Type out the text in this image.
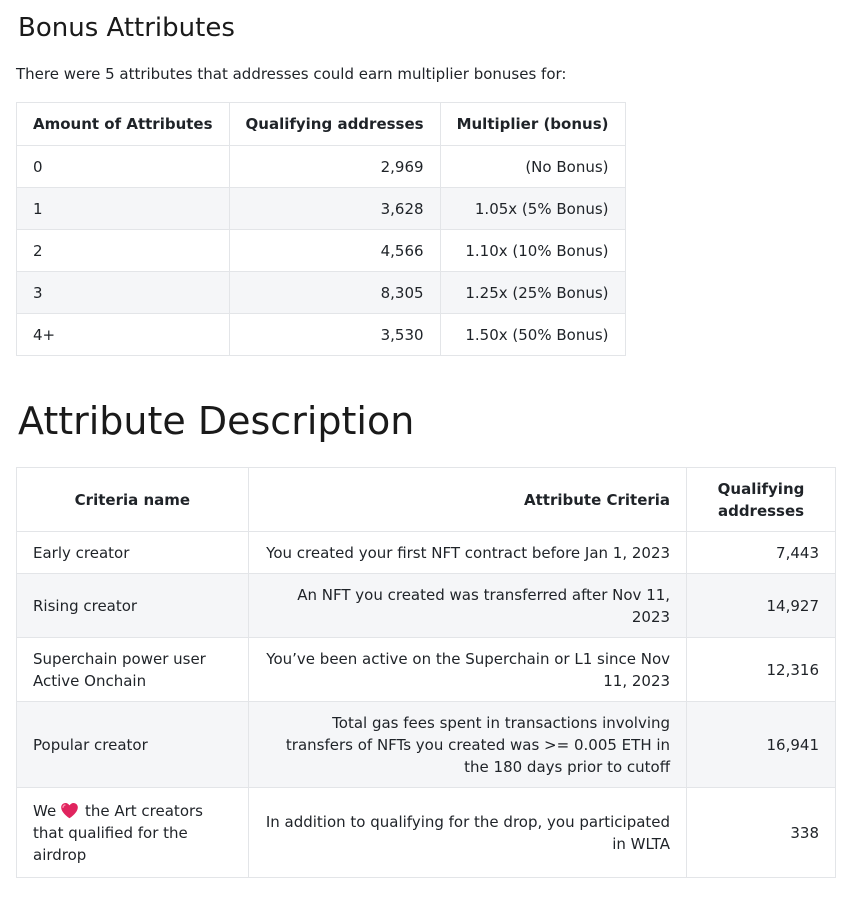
Bonus Attributes
There were 5 attributes that addresses could earn multiplier bonuses for:
Amount of Attributes	Qualifying addresses	Multiplier (bonus)
0	2,969	(No Bonus)
1	3,628	1.05x (5% Bonus)
2	4,566	1.10x (10% Bonus)
3	8,305	1.25x (25% Bonus)
4+	3,530	1.50x (50% Bonus)
Attribute Description
Criteria name	Attribute Criteria	Qualifying addresses
Early creator	You created your first NFT contract before Jan 1, 2023	7,443
Rising creator	An NFT you created was transferred after Nov 11, 2023	14,927
Superchain power user Active Onchain	You’ve been active on the Superchain or L1 since Nov 11, 2023	12,316
Popular creator	Total gas fees spent in transactions involving transfers of NFTs you created was >= 0.005 ETH in the 180 days prior to cutoff	16,941
We the Art creators that qualified for the airdrop	In addition to qualifying for the drop, you participated in WLTA	338
